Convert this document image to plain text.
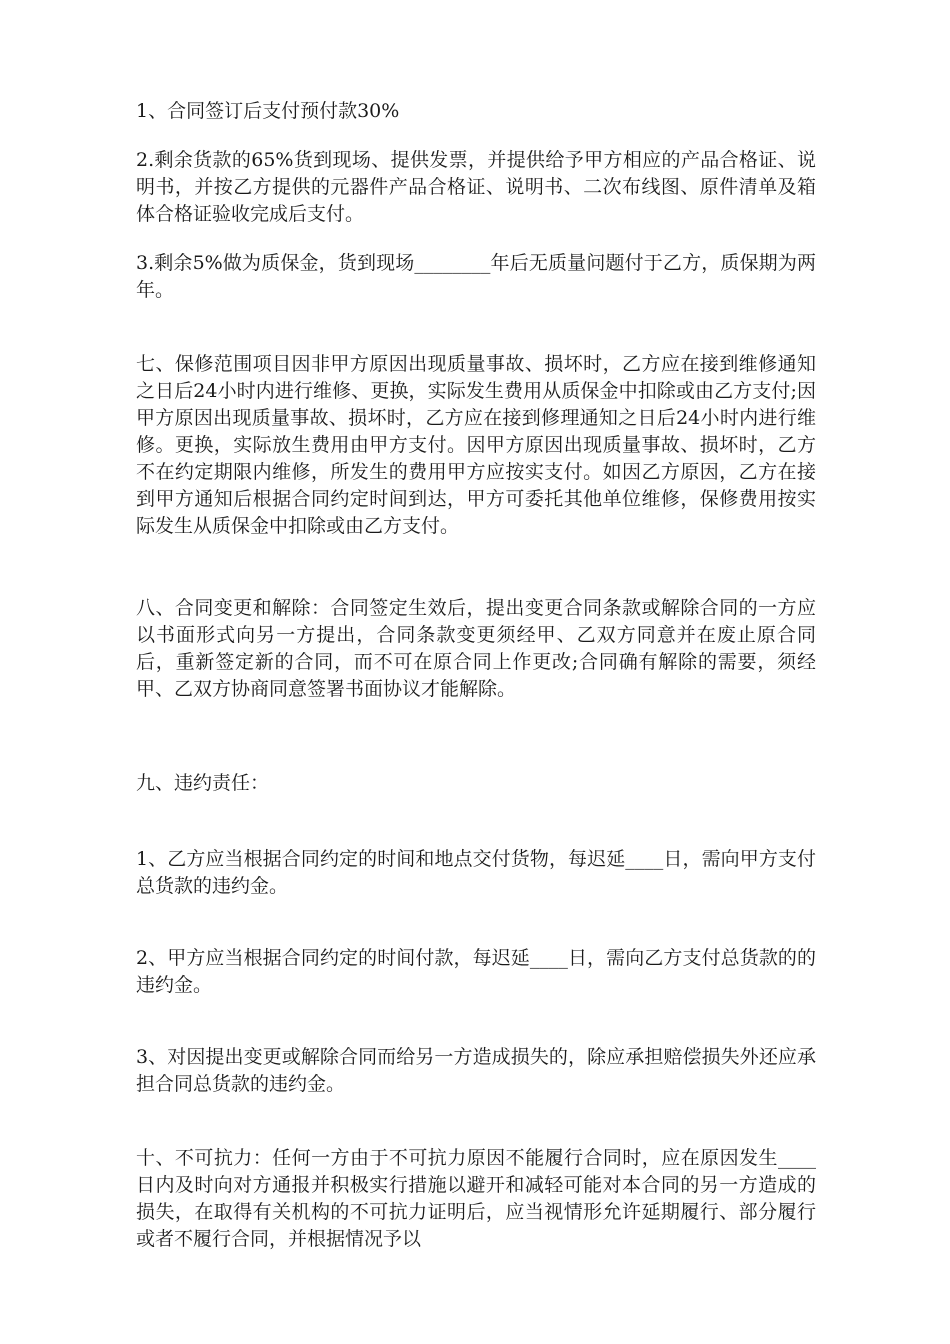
1、合同签订后支付预付款30%

2.剩余货款的65%货到现场、提供发票，并提供给予甲方相应的产品合格证、说明书，并按乙方提供的元器件产品合格证、说明书、二次布线图、原件清单及箱体合格证验收完成后支付。

3.剩余5%做为质保金，货到现场________年后无质量问题付于乙方，质保期为两年。

七、保修范围项目因非甲方原因出现质量事故、损坏时，乙方应在接到维修通知之日后24小时内进行维修、更换，实际发生费用从质保金中扣除或由乙方支付;因甲方原因出现质量事故、损坏时，乙方应在接到修理通知之日后24小时内进行维修。更换，实际放生费用由甲方支付。因甲方原因出现质量事故、损坏时，乙方不在约定期限内维修，所发生的费用甲方应按实支付。如因乙方原因，乙方在接到甲方通知后根据合同约定时间到达，甲方可委托其他单位维修，保修费用按实际发生从质保金中扣除或由乙方支付。

八、合同变更和解除：合同签定生效后，提出变更合同条款或解除合同的一方应以书面形式向另一方提出，合同条款变更须经甲、乙双方同意并在废止原合同后，重新签定新的合同，而不可在原合同上作更改;合同确有解除的需要，须经甲、乙双方协商同意签署书面协议才能解除。

九、违约责任：

1、乙方应当根据合同约定的时间和地点交付货物，每迟延____日，需向甲方支付总货款的违约金。

2、甲方应当根据合同约定的时间付款，每迟延____日，需向乙方支付总货款的的违约金。

3、对因提出变更或解除合同而给另一方造成损失的，除应承担赔偿损失外还应承担合同总货款的违约金。

十、不可抗力：任何一方由于不可抗力原因不能履行合同时，应在原因发生____日内及时向对方通报并积极实行措施以避开和减轻可能对本合同的另一方造成的损失，在取得有关机构的不可抗力证明后，应当视情形允许延期履行、部分履行或者不履行合同，并根据情况予以
